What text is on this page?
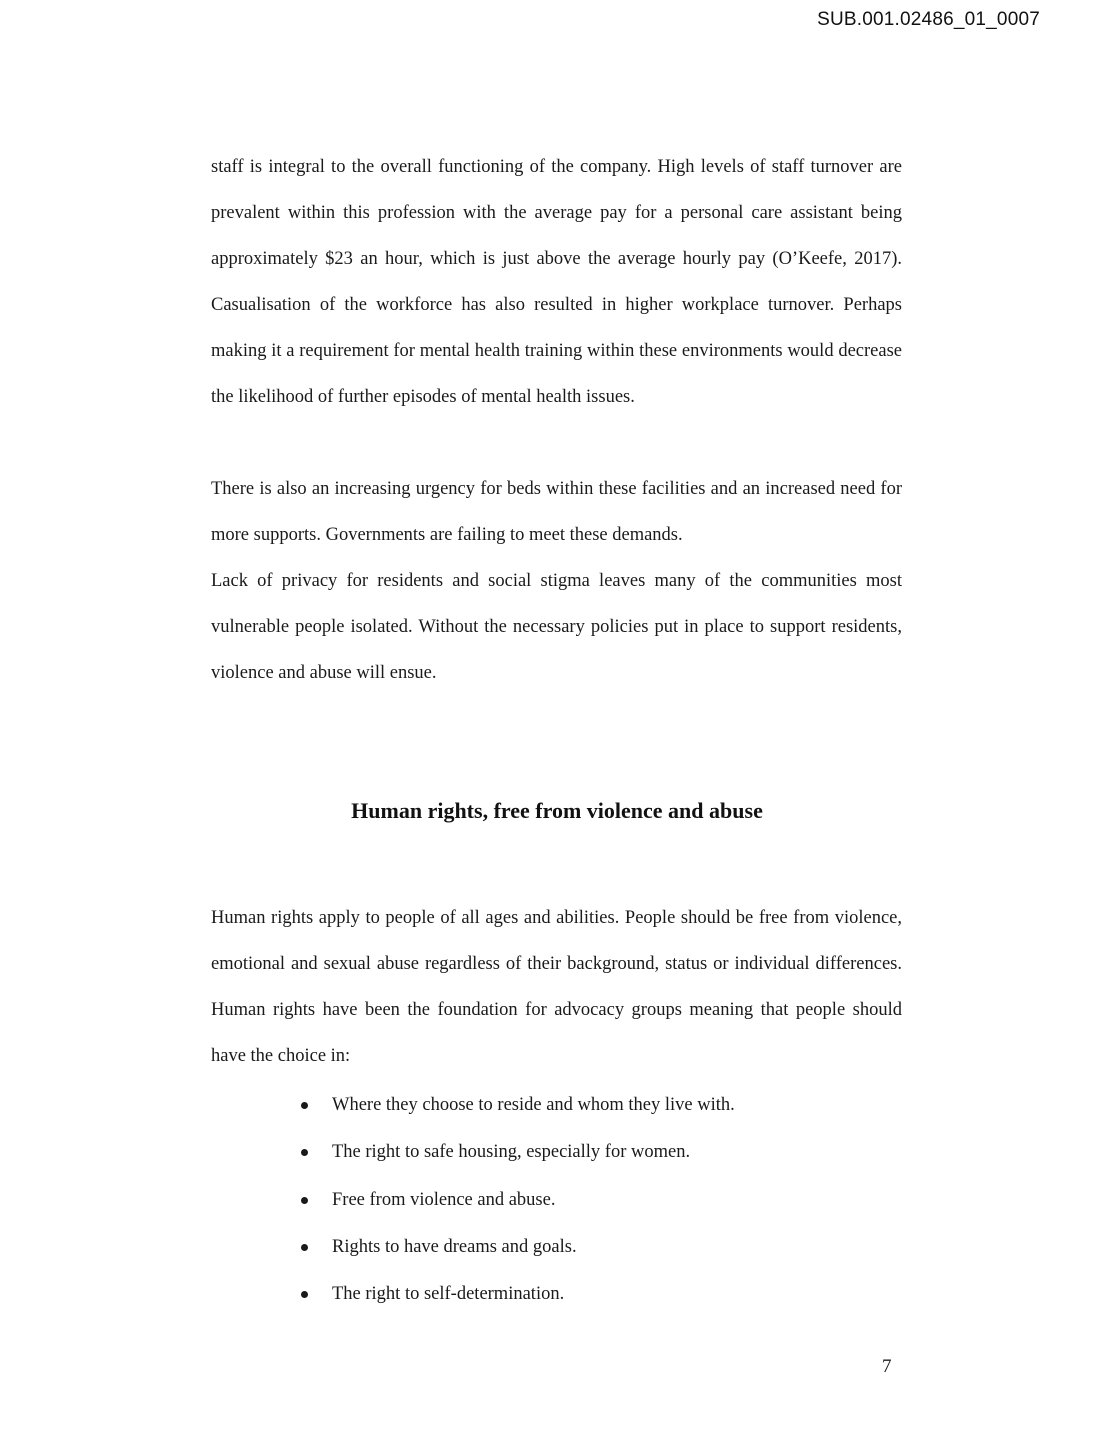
SUB.001.02486_01_0007

staff is integral to the overall functioning of the company. High levels of staff turnover are prevalent within this profession with the average pay for a personal care assistant being approximately $23 an hour, which is just above the average hourly pay (O’Keefe, 2017). Casualisation of the workforce has also resulted in higher workplace turnover. Perhaps making it a requirement for mental health training within these environments would decrease the likelihood of further episodes of mental health issues.

There is also an increasing urgency for beds within these facilities and an increased need for more supports. Governments are failing to meet these demands.

Lack of privacy for residents and social stigma leaves many of the communities most vulnerable people isolated. Without the necessary policies put in place to support residents, violence and abuse will ensue.

Human rights, free from violence and abuse

Human rights apply to people of all ages and abilities. People should be free from violence, emotional and sexual abuse regardless of their background, status or individual differences. Human rights have been the foundation for advocacy groups meaning that people should have the choice in:

Where they choose to reside and whom they live with.
The right to safe housing, especially for women.
Free from violence and abuse.
Rights to have dreams and goals.
The right to self-determination.
7
